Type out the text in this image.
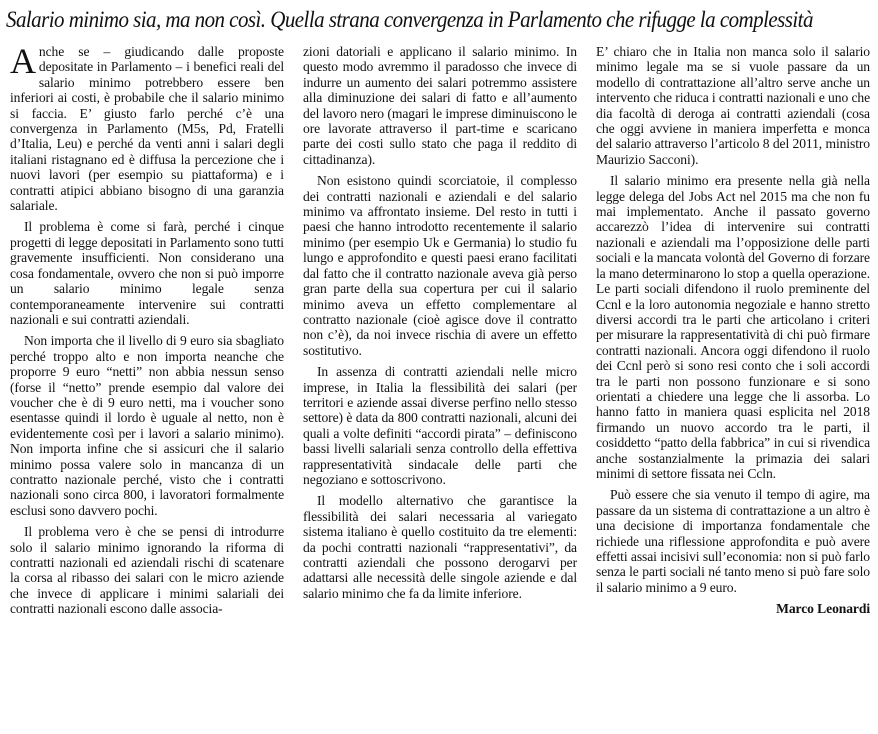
Salario minimo sia, ma non così. Quella strana convergenza in Parlamento che rifugge la complessità

Anche se – giudicando dalle proposte depositate in Parlamento – i benefici reali del salario minimo potrebbero essere ben inferiori ai costi, è probabile che il salario minimo si faccia. E’ giusto farlo perché c’è una convergenza in Parlamento (M5s, Pd, Fratelli d’Italia, Leu) e perché da venti anni i salari degli italiani ristagnano ed è diffusa la percezione che i nuovi lavori (per esempio su piattaforma) e i contratti atipici abbiano bisogno di una garanzia salariale.

Il problema è come si farà, perché i cinque progetti di legge depositati in Parlamento sono tutti gravemente insufficienti. Non considerano una cosa fondamentale, ovvero che non si può imporre un salario minimo legale senza contemporaneamente intervenire sui contratti nazionali e sui contratti aziendali.

Non importa che il livello di 9 euro sia sbagliato perché troppo alto e non importa neanche che proporre 9 euro “netti” non abbia nessun senso (forse il “netto” prende esempio dal valore dei voucher che è di 9 euro netti, ma i voucher sono esentasse quindi il lordo è uguale al netto, non è evidentemente così per i lavori a salario minimo). Non importa infine che si assicuri che il salario minimo possa valere solo in mancanza di un contratto nazionale perché, visto che i contratti nazionali sono circa 800, i lavoratori formalmente esclusi sono davvero pochi.

Il problema vero è che se pensi di introdurre solo il salario minimo ignorando la riforma di contratti nazionali ed aziendali rischi di scatenare la corsa al ribasso dei salari con le micro aziende che invece di applicare i minimi salariali dei contratti nazionali escono dalle associa-

zioni datoriali e applicano il salario minimo. In questo modo avremmo il paradosso che invece di indurre un aumento dei salari potremmo assistere alla diminuzione dei salari di fatto e all’aumento del lavoro nero (magari le imprese diminuiscono le ore lavorate attraverso il part-time e scaricano parte dei costi sullo stato che paga il reddito di cittadinanza).

Non esistono quindi scorciatoie, il complesso dei contratti nazionali e aziendali e del salario minimo va affrontato insieme. Del resto in tutti i paesi che hanno introdotto recentemente il salario minimo (per esempio Uk e Germania) lo studio fu lungo e approfondito e questi paesi erano facilitati dal fatto che il contratto nazionale aveva già perso gran parte della sua copertura per cui il salario minimo aveva un effetto complementare al contratto nazionale (cioè agisce dove il contratto non c’è), da noi invece rischia di avere un effetto sostitutivo.

In assenza di contratti aziendali nelle micro imprese, in Italia la flessibilità dei salari (per territori e aziende assai diverse perfino nello stesso settore) è data da 800 contratti nazionali, alcuni dei quali a volte definiti “accordi pirata” – definiscono bassi livelli salariali senza controllo della effettiva rappresentatività sindacale delle parti che negoziano e sottoscrivono.

Il modello alternativo che garantisce la flessibilità dei salari necessaria al variegato sistema italiano è quello costituito da tre elementi: da pochi contratti nazionali “rappresentativi”, da contratti aziendali che possono derogarvi per adattarsi alle necessità delle singole aziende e dal salario minimo che fa da limite inferiore.

E’ chiaro che in Italia non manca solo il salario minimo legale ma se si vuole passare da un modello di contrattazione all’altro serve anche un intervento che riduca i contratti nazionali e uno che dia facoltà di deroga ai contratti aziendali (cosa che oggi avviene in maniera imperfetta e monca del salario attraverso l’articolo 8 del 2011, ministro Maurizio Sacconi).

Il salario minimo era presente nella già nella legge delega del Jobs Act nel 2015 ma che non fu mai implementato. Anche il passato governo accarezzò l’idea di intervenire sui contratti nazionali e aziendali ma l’opposizione delle parti sociali e la mancata volontà del Governo di forzare la mano determinarono lo stop a quella operazione. Le parti sociali difendono il ruolo preminente del Ccnl e la loro autonomia negoziale e hanno stretto diversi accordi tra le parti che articolano i criteri per misurare la rappresentatività di chi può firmare contratti nazionali. Ancora oggi difendono il ruolo dei Ccnl però si sono resi conto che i soli accordi tra le parti non possono funzionare e si sono orientati a chiedere una legge che li assorba. Lo hanno fatto in maniera quasi esplicita nel 2018 firmando un nuovo accordo tra le parti, il cosiddetto “patto della fabbrica” in cui si rivendica anche sostanzialmente la primazia dei salari minimi di settore fissata nei Ccln.

Può essere che sia venuto il tempo di agire, ma passare da un sistema di contrattazione a un altro è una decisione di importanza fondamentale che richiede una riflessione approfondita e può avere effetti assai incisivi sull’economia: non si può farlo senza le parti sociali né tanto meno si può fare solo il salario minimo a 9 euro.

Marco Leonardi
